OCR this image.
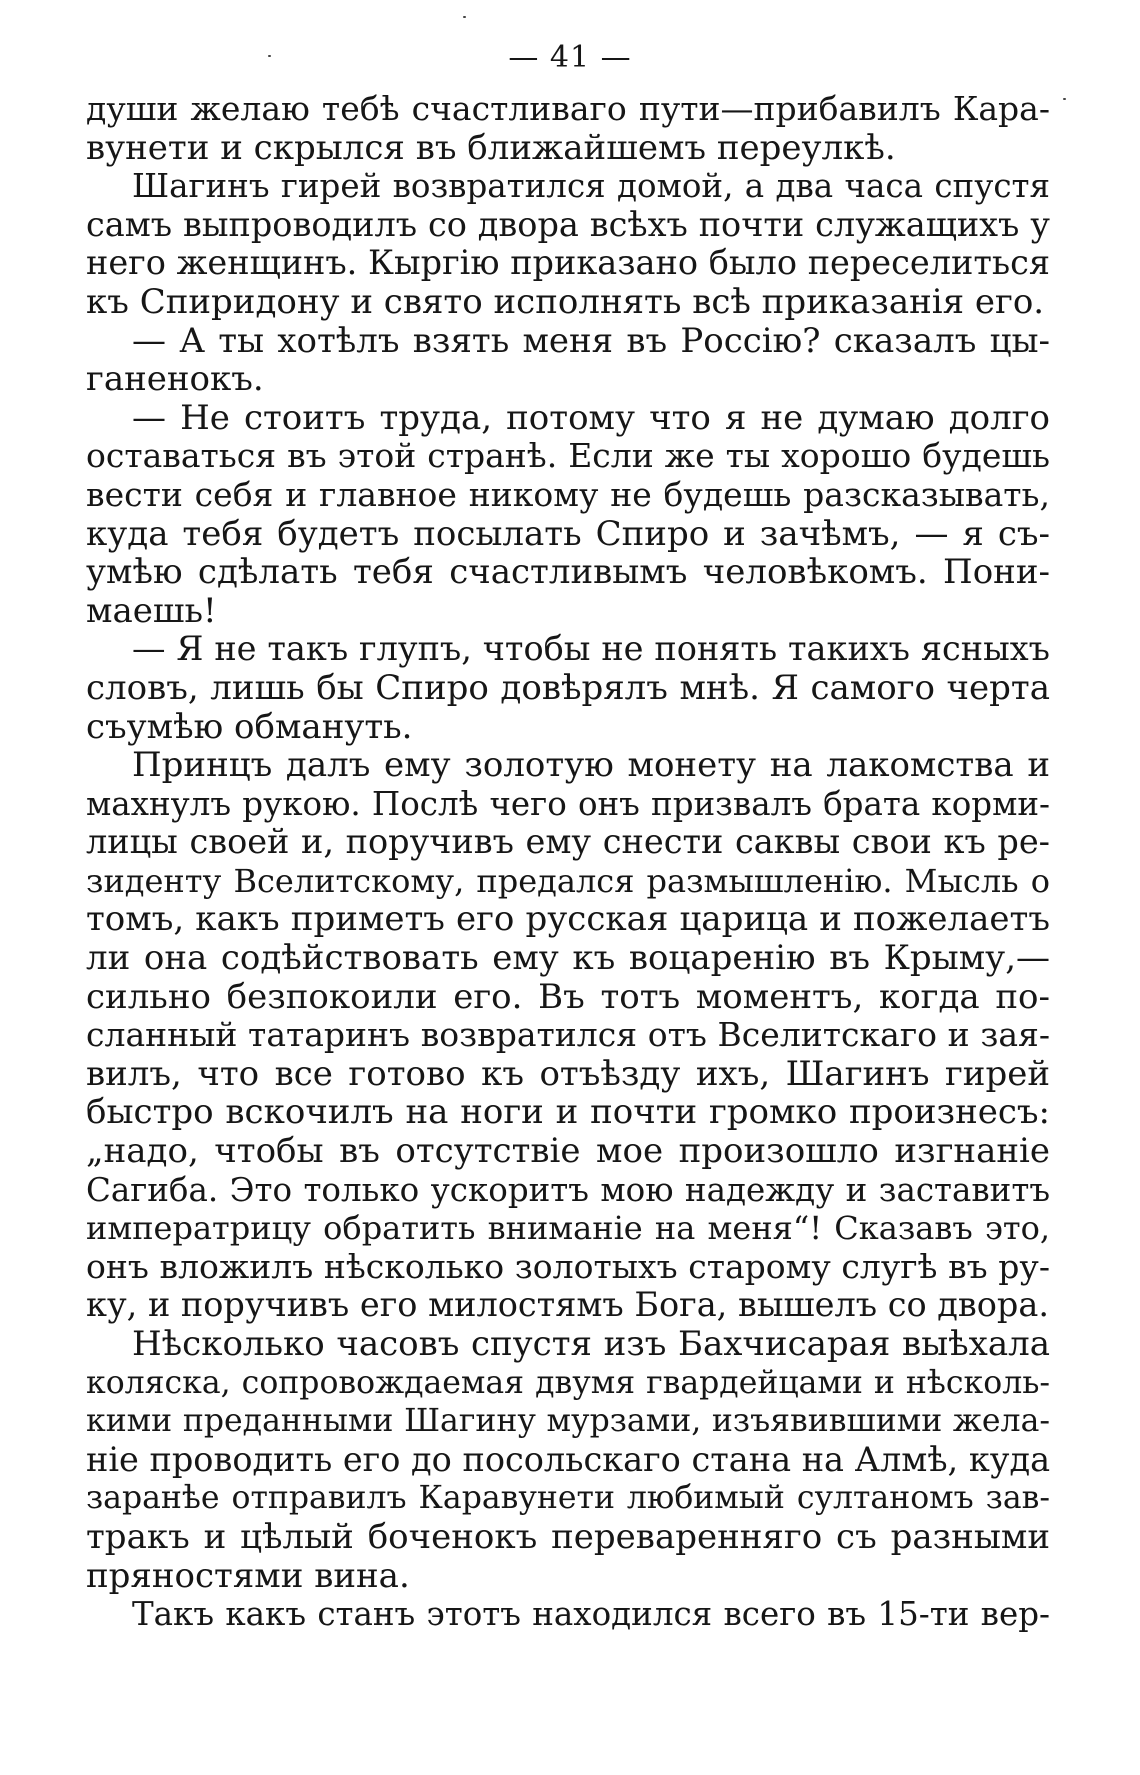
— 41 —
души желаю тебѣ счастливаго пути—прибавилъ Кара-
вунети и скрылся въ ближайшемъ переулкѣ.
Шагинъ гирей возвратился домой, а два часа спустя
самъ выпроводилъ со двора всѣхъ почти служащихъ у
него женщинъ. Кыргію приказано было переселиться
къ Спиридону и свято исполнять всѣ приказанія его.
— А ты хотѣлъ взять меня въ Россію? сказалъ цы-
ганенокъ.
— Не стоитъ труда, потому что я не думаю долго
оставаться въ этой странѣ. Если же ты хорошо будешь
вести себя и главное никому не будешь разсказывать,
куда тебя будетъ посылать Спиро и зачѣмъ, — я съ-
умѣю сдѣлать тебя счастливымъ человѣкомъ. Пони-
маешь!
— Я не такъ глупъ, чтобы не понять такихъ ясныхъ
словъ, лишь бы Спиро довѣрялъ мнѣ. Я самого черта
съумѣю обмануть.
Принцъ далъ ему золотую монету на лакомства и
махнулъ рукою. Послѣ чего онъ призвалъ брата корми-
лицы своей и, поручивъ ему снести саквы свои къ ре-
зиденту Вселитскому, предался размышленію. Мысль о
томъ, какъ приметъ его русская царица и пожелаетъ
ли она содѣйствовать ему къ воцаренію въ Крыму,—
сильно безпокоили его. Въ тотъ моментъ, когда по-
сланный татаринъ возвратился отъ Вселитскаго и зая-
вилъ, что все готово къ отъѣзду ихъ, Шагинъ гирей
быстро вскочилъ на ноги и почти громко произнесъ:
„надо, чтобы въ отсутствіе мое произошло изгнаніе
Сагиба. Это только ускоритъ мою надежду и заставитъ
императрицу обратить вниманіе на меня“! Сказавъ это,
онъ вложилъ нѣсколько золотыхъ старому слугѣ въ ру-
ку, и поручивъ его милостямъ Бога, вышелъ со двора.
Нѣсколько часовъ спустя изъ Бахчисарая выѣхала
коляска, сопровождаемая двумя гвардейцами и нѣсколь-
кими преданными Шагину мурзами, изъявившими жела-
ніе проводить его до посольскаго стана на Алмѣ, куда
заранѣе отправилъ Каравунети любимый султаномъ зав-
тракъ и цѣлый боченокъ переваренняго съ разными
пряностями вина.
Такъ какъ станъ этотъ находился всего въ 15-ти вер-
